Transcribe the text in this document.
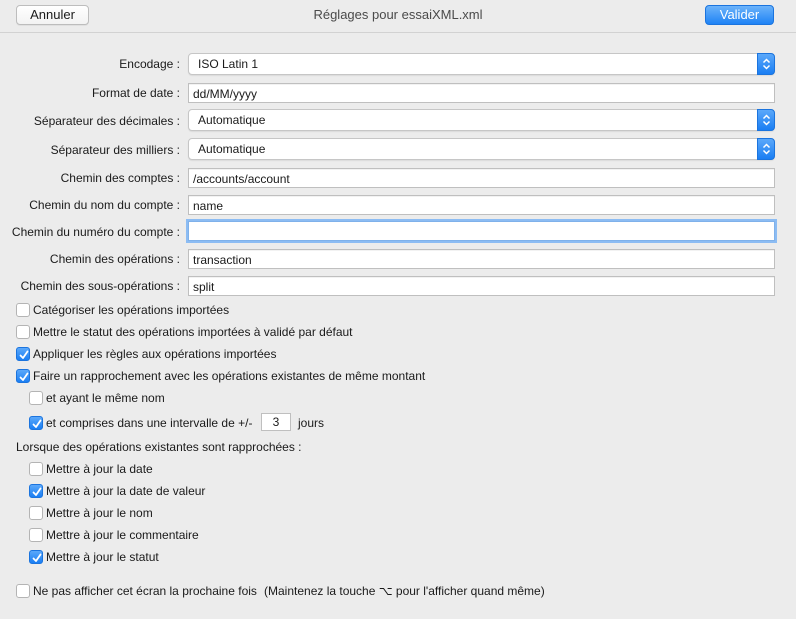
Annuler	Réglages pour essaiXML.xml	Valider
Encodage : ISO Latin 1
Format de date : dd/MM/yyyy
Séparateur des décimales : Automatique
Séparateur des milliers : Automatique
Chemin des comptes : /accounts/account
Chemin du nom du compte : name
Chemin du numéro du compte :
Chemin des opérations : transaction
Chemin des sous-opérations : split
Catégoriser les opérations importées
Mettre le statut des opérations importées à validé par défaut
Appliquer les règles aux opérations importées
Faire un rapprochement avec les opérations existantes de même montant
et ayant le même nom
et comprises dans une intervalle de +/-	3	jours
Lorsque des opérations existantes sont rapprochées :
Mettre à jour la date
Mettre à jour la date de valeur
Mettre à jour le nom
Mettre à jour le commentaire
Mettre à jour le statut
Ne pas afficher cet écran la prochaine fois (Maintenez la touche ⌥ pour l'afficher quand même)
